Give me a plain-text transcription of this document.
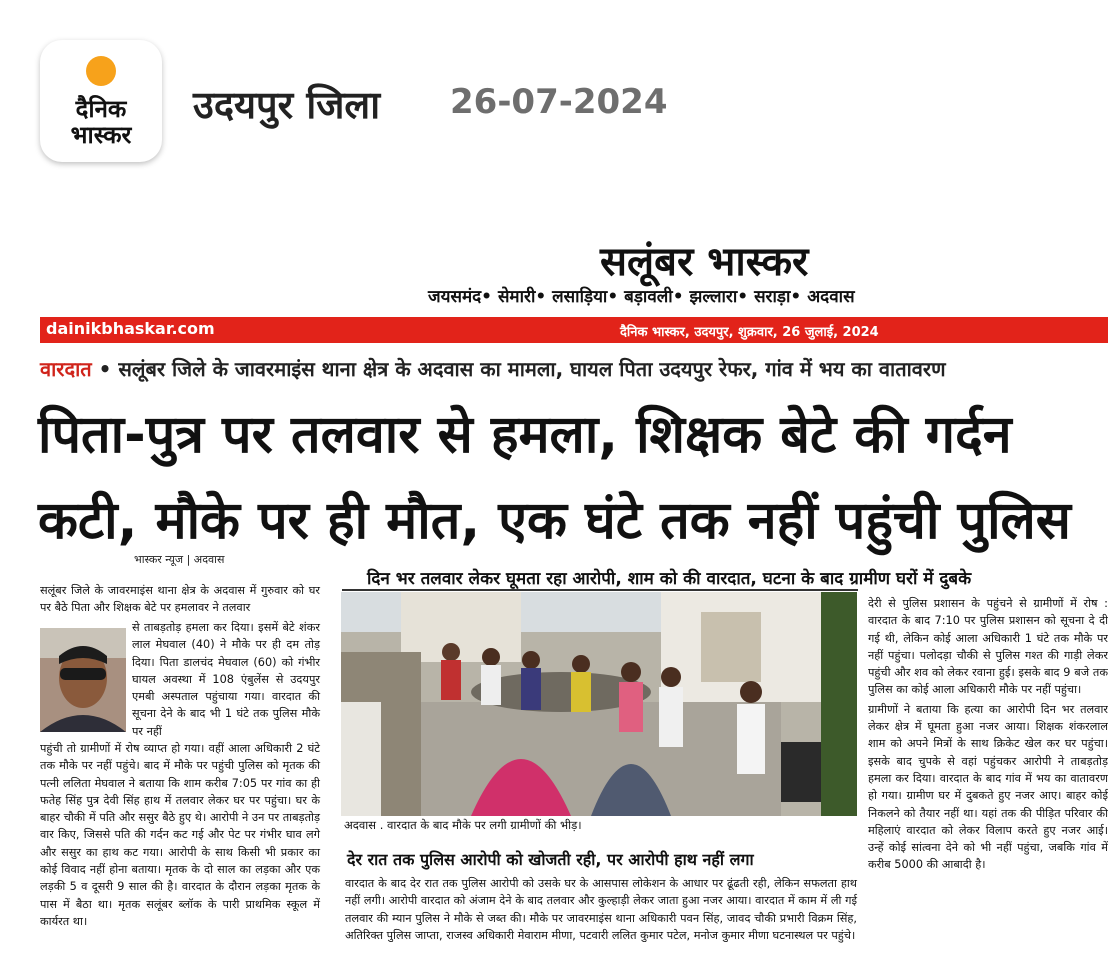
दैनिक
भास्कर
उदयपुर जिला 26-07-2024
सलूंबर भास्कर
जयसमंद• सेमारी• लसाड़िया• बड़ावली• झल्लारा• सराड़ा• अदवास
dainikbhaskar.com	दैनिक भास्कर, उदयपुर, शुक्रवार, 26 जुलाई, 2024
वारदात • सलूंबर जिले के जावरमाइंस थाना क्षेत्र के अदवास का मामला, घायल पिता उदयपुर रेफर, गांव में भय का वातावरण
पिता-पुत्र पर तलवार से हमला, शिक्षक बेटे की गर्दन
कटी, मौके पर ही मौत, एक घंटे तक नहीं पहुंची पुलिस
भास्कर न्यूज | अदवास

सलूंबर जिले के जावरमाइंस थाना क्षेत्र के अदवास में गुरुवार को घर पर बैठे पिता और शिक्षक बेटे पर हमलावर ने तलवार

से ताबड़तोड़ हमला कर दिया। इसमें बेटे शंकर लाल मेघवाल (40) ने मौके पर ही दम तोड़ दिया। पिता डालचंद मेघवाल (60) को गंभीर घायल अवस्था में 108 एंबुलेंस से उदयपुर एमबी अस्पताल पहुंचाया गया। वारदात की सूचना देने के बाद भी 1 घंटे तक पुलिस मौके पर नहीं
पहुंची तो ग्रामीणों में रोष व्याप्त हो गया। वहीं आला अधिकारी 2 घंटे तक मौके पर नहीं पहुंचे। बाद में मौके पर पहुंची पुलिस को मृतक की पत्नी ललिता मेघवाल ने बताया कि शाम करीब 7:05 पर गांव का ही फतेह सिंह पुत्र देवी सिंह हाथ में तलवार लेकर घर पर पहुंचा। घर के बाहर चौकी में पति और ससुर बैठे हुए थे। आरोपी ने उन पर ताबड़तोड़ वार किए, जिससे पति की गर्दन कट गई और पेट पर गंभीर घाव लगे और ससुर का हाथ कट गया। आरोपी के साथ किसी भी प्रकार का कोई विवाद नहीं होना बताया। मृतक के दो साल का लड़का और एक लड़की 5 व दूसरी 9 साल की है। वारदात के दौरान लड़का मृतक के पास में बैठा था। मृतक सलूंबर ब्लॉक के पारी प्राथमिक स्कूल में कार्यरत था।
दिन भर तलवार लेकर घूमता रहा आरोपी, शाम को की वारदात, घटना के बाद ग्रामीण घरों में दुबके
अदवास . वारदात के बाद मौके पर लगी ग्रामीणों की भीड़।
देर रात तक पुलिस आरोपी को खोजती रही, पर आरोपी हाथ नहीं लगा
वारदात के बाद देर रात तक पुलिस आरोपी को उसके घर के आसपास लोकेशन के आधार पर ढूंढती रही, लेकिन सफलता हाथ नहीं लगी। आरोपी वारदात को अंजाम देने के बाद तलवार और कुल्हाड़ी लेकर जाता हुआ नजर आया। वारदात में काम में ली गई तलवार की म्यान पुलिस ने मौके से जब्त की। मौके पर जावरमाइंस थाना अधिकारी पवन सिंह, जावद चौकी प्रभारी विक्रम सिंह, अतिरिक्त पुलिस जाप्ता, राजस्व अधिकारी मेवाराम मीणा, पटवारी ललित कुमार पटेल, मनोज कुमार मीणा घटनास्थल पर पहुंचे।

देरी से पुलिस प्रशासन के पहुंचने से ग्रामीणों में रोष : वारदात के बाद 7:10 पर पुलिस प्रशासन को सूचना दे दी गई थी, लेकिन कोई आला अधिकारी 1 घंटे तक मौके पर नहीं पहुंचा। पलोदड़ा चौकी से पुलिस गश्त की गाड़ी लेकर पहुंची और शव को लेकर रवाना हुई। इसके बाद 9 बजे तक पुलिस का कोई आला अधिकारी मौके पर नहीं पहुंचा।

ग्रामीणों ने बताया कि हत्या का आरोपी दिन भर तलवार लेकर क्षेत्र में घूमता हुआ नजर आया। शिक्षक शंकरलाल शाम को अपने मित्रों के साथ क्रिकेट खेल कर घर पहुंचा। इसके बाद चुपके से वहां पहुंचकर आरोपी ने ताबड़तोड़ हमला कर दिया। वारदात के बाद गांव में भय का वातावरण हो गया। ग्रामीण घर में दुबकते हुए नजर आए। बाहर कोई निकलने को तैयार नहीं था। यहां तक की पीड़ित परिवार की महिलाएं वारदात को लेकर विलाप करते हुए नजर आई। उन्हें कोई सांत्वना देने को भी नहीं पहुंचा, जबकि गांव में करीब 5000 की आबादी है।
